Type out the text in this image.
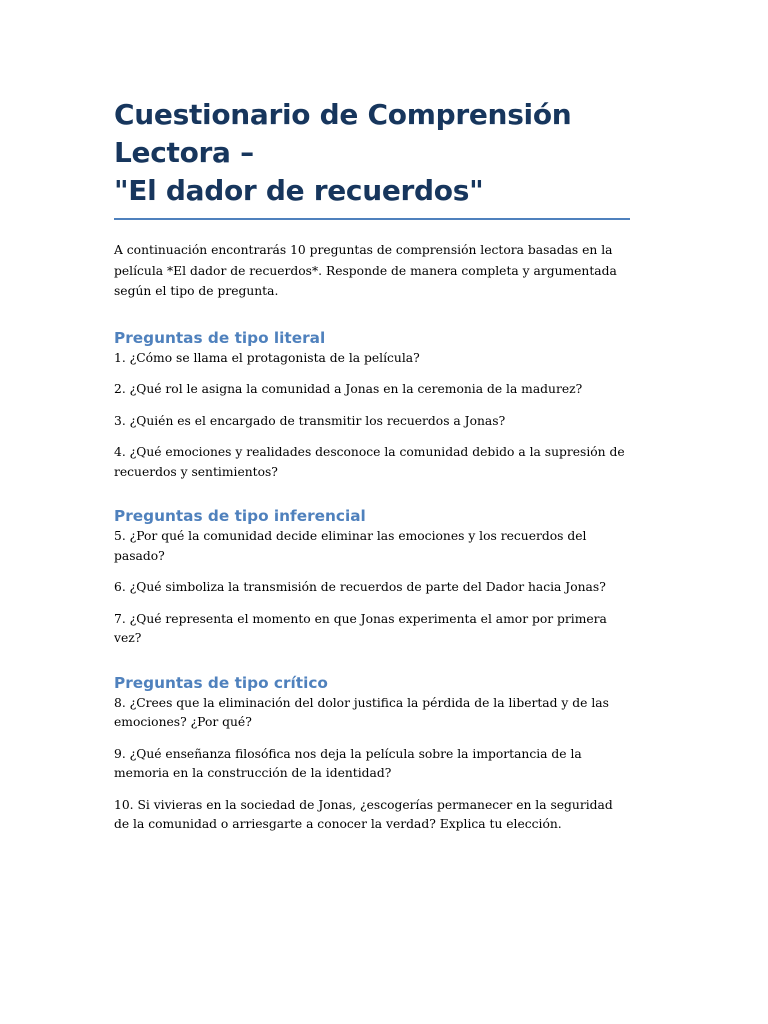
Cuestionario de Comprensión Lectora –
"El dador de recuerdos"

A continuación encontrarás 10 preguntas de comprensión lectora basadas en la película *El dador de recuerdos*. Responde de manera completa y argumentada según el tipo de pregunta.

Preguntas de tipo literal

1. ¿Cómo se llama el protagonista de la película?

2. ¿Qué rol le asigna la comunidad a Jonas en la ceremonia de la madurez?

3. ¿Quién es el encargado de transmitir los recuerdos a Jonas?

4. ¿Qué emociones y realidades desconoce la comunidad debido a la supresión de recuerdos y sentimientos?

Preguntas de tipo inferencial

5. ¿Por qué la comunidad decide eliminar las emociones y los recuerdos del pasado?

6. ¿Qué simboliza la transmisión de recuerdos de parte del Dador hacia Jonas?

7. ¿Qué representa el momento en que Jonas experimenta el amor por primera vez?

Preguntas de tipo crítico

8. ¿Crees que la eliminación del dolor justifica la pérdida de la libertad y de las emociones? ¿Por qué?

9. ¿Qué enseñanza filosófica nos deja la película sobre la importancia de la memoria en la construcción de la identidad?

10. Si vivieras en la sociedad de Jonas, ¿escogerías permanecer en la seguridad de la comunidad o arriesgarte a conocer la verdad? Explica tu elección.
